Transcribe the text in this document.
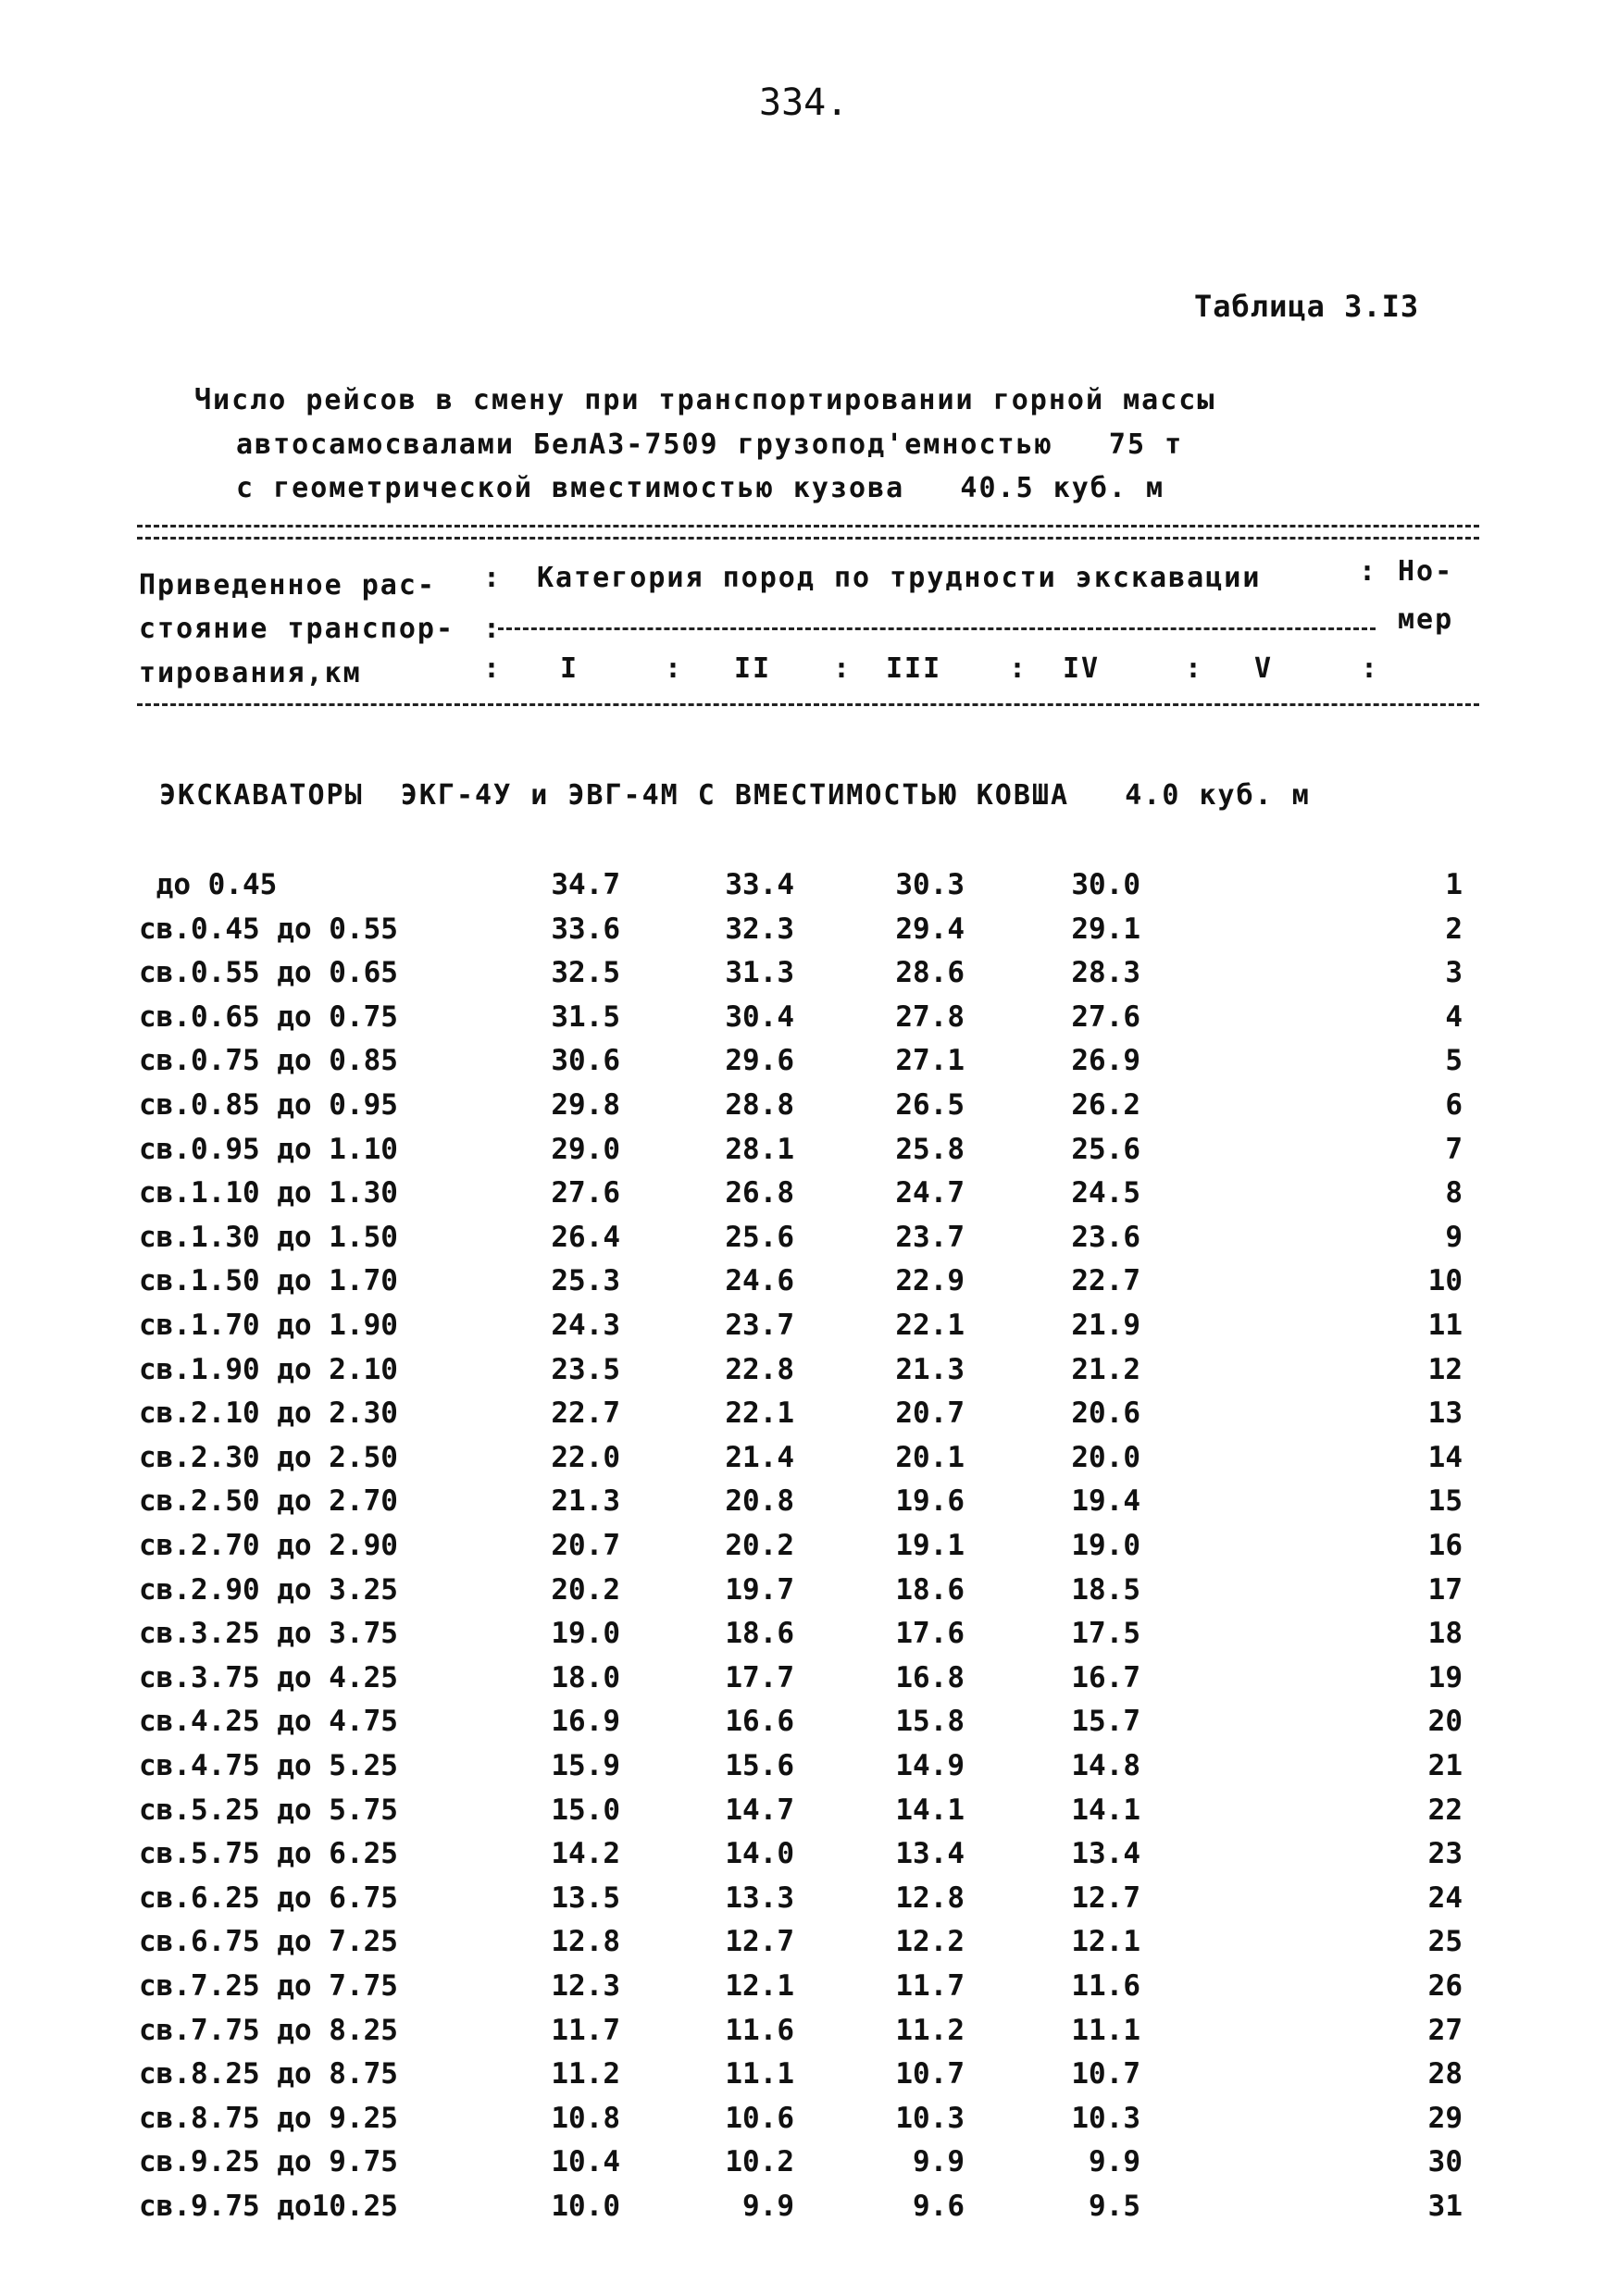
334.
Таблица 3.I3
Число рейсов в смену при транспортировании горной массы
автосамосвалами БелАЗ-7509 грузопод'емностью   75 т
с геометрической вместимостью кузова   40.5 куб. м
Приведенное рас-
стояние транспор-
тирования,км
Категория пород по трудности экскавации	Но-
мер
:	:
:
:	:	:	:	:	:
I	II	III	IV	V
ЭКСКАВАТОРЫ  ЭКГ-4У и ЭВГ-4М С ВМЕСТИМОСТЬЮ КОВША   4.0 куб. м
до 0.45	34.7	33.4	30.3	30.0	1
св.0.45 до 0.55	33.6	32.3	29.4	29.1	2
св.0.55 до 0.65	32.5	31.3	28.6	28.3	3
св.0.65 до 0.75	31.5	30.4	27.8	27.6	4
св.0.75 до 0.85	30.6	29.6	27.1	26.9	5
св.0.85 до 0.95	29.8	28.8	26.5	26.2	6
св.0.95 до 1.10	29.0	28.1	25.8	25.6	7
св.1.10 до 1.30	27.6	26.8	24.7	24.5	8
св.1.30 до 1.50	26.4	25.6	23.7	23.6	9
св.1.50 до 1.70	25.3	24.6	22.9	22.7	10
св.1.70 до 1.90	24.3	23.7	22.1	21.9	11
св.1.90 до 2.10	23.5	22.8	21.3	21.2	12
св.2.10 до 2.30	22.7	22.1	20.7	20.6	13
св.2.30 до 2.50	22.0	21.4	20.1	20.0	14
св.2.50 до 2.70	21.3	20.8	19.6	19.4	15
св.2.70 до 2.90	20.7	20.2	19.1	19.0	16
св.2.90 до 3.25	20.2	19.7	18.6	18.5	17
св.3.25 до 3.75	19.0	18.6	17.6	17.5	18
св.3.75 до 4.25	18.0	17.7	16.8	16.7	19
св.4.25 до 4.75	16.9	16.6	15.8	15.7	20
св.4.75 до 5.25	15.9	15.6	14.9	14.8	21
св.5.25 до 5.75	15.0	14.7	14.1	14.1	22
св.5.75 до 6.25	14.2	14.0	13.4	13.4	23
св.6.25 до 6.75	13.5	13.3	12.8	12.7	24
св.6.75 до 7.25	12.8	12.7	12.2	12.1	25
св.7.25 до 7.75	12.3	12.1	11.7	11.6	26
св.7.75 до 8.25	11.7	11.6	11.2	11.1	27
св.8.25 до 8.75	11.2	11.1	10.7	10.7	28
св.8.75 до 9.25	10.8	10.6	10.3	10.3	29
св.9.25 до 9.75	10.4	10.2	9.9	9.9	30
св.9.75 до10.25	10.0	9.9	9.6	9.5	31
